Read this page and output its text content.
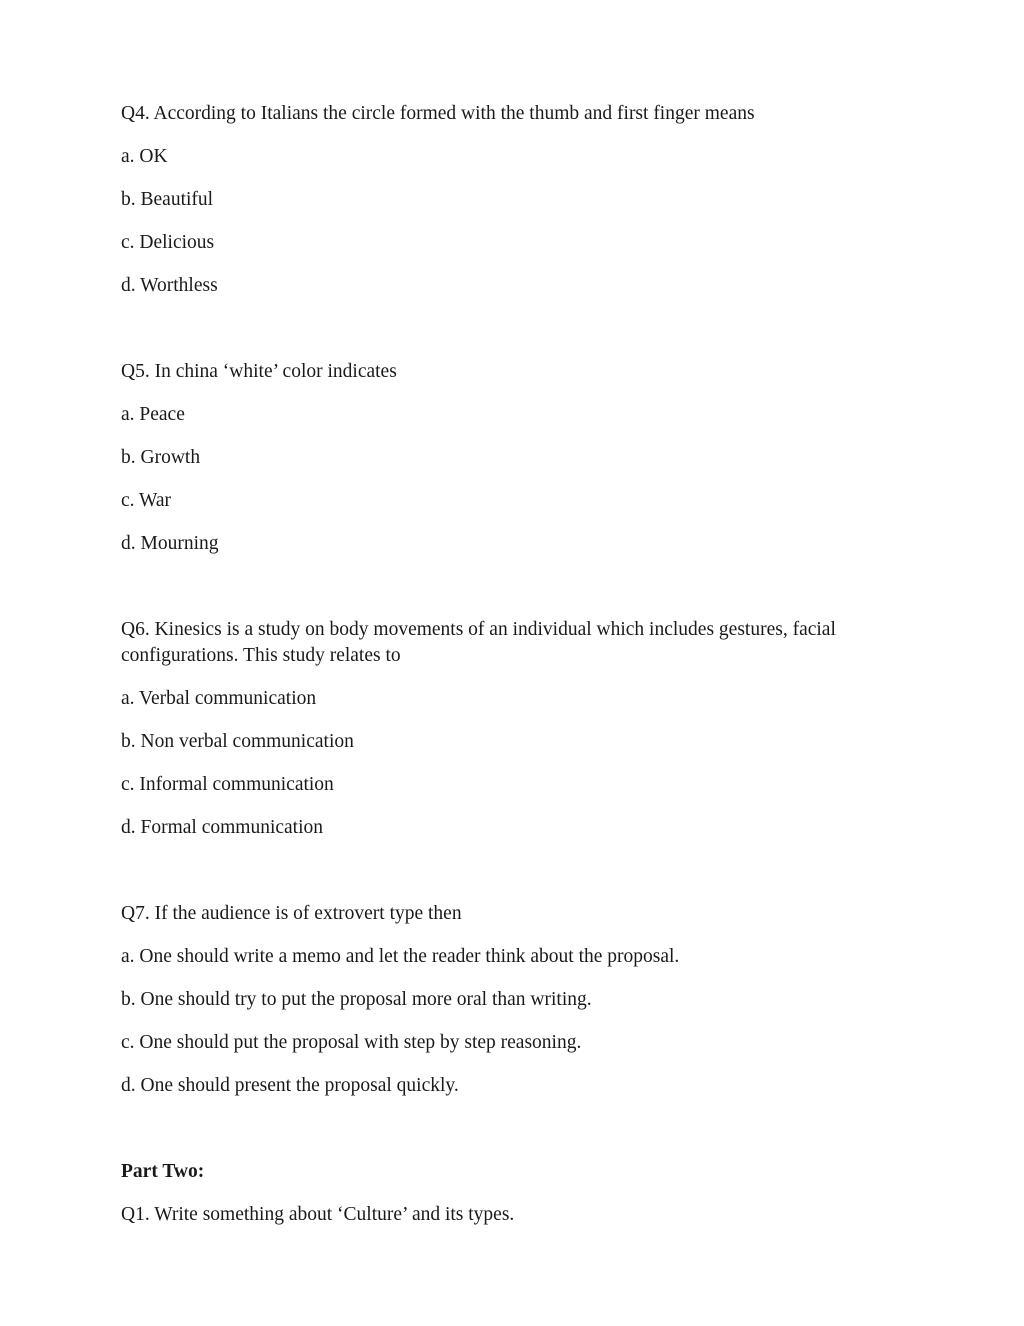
Q4. According to Italians the circle formed with the thumb and first finger means

a. OK

b. Beautiful

c. Delicious

d. Worthless

Q5. In china ‘white’ color indicates

a. Peace

b. Growth

c. War

d. Mourning

Q6. Kinesics is a study on body movements of an individual which includes gestures, facial configurations. This study relates to

a. Verbal communication

b. Non verbal communication

c. Informal communication

d. Formal communication

Q7. If the audience is of extrovert type then

a. One should write a memo and let the reader think about the proposal.

b. One should try to put the proposal more oral than writing.

c. One should put the proposal with step by step reasoning.

d. One should present the proposal quickly.

Part Two:

Q1. Write something about ‘Culture’ and its types.
